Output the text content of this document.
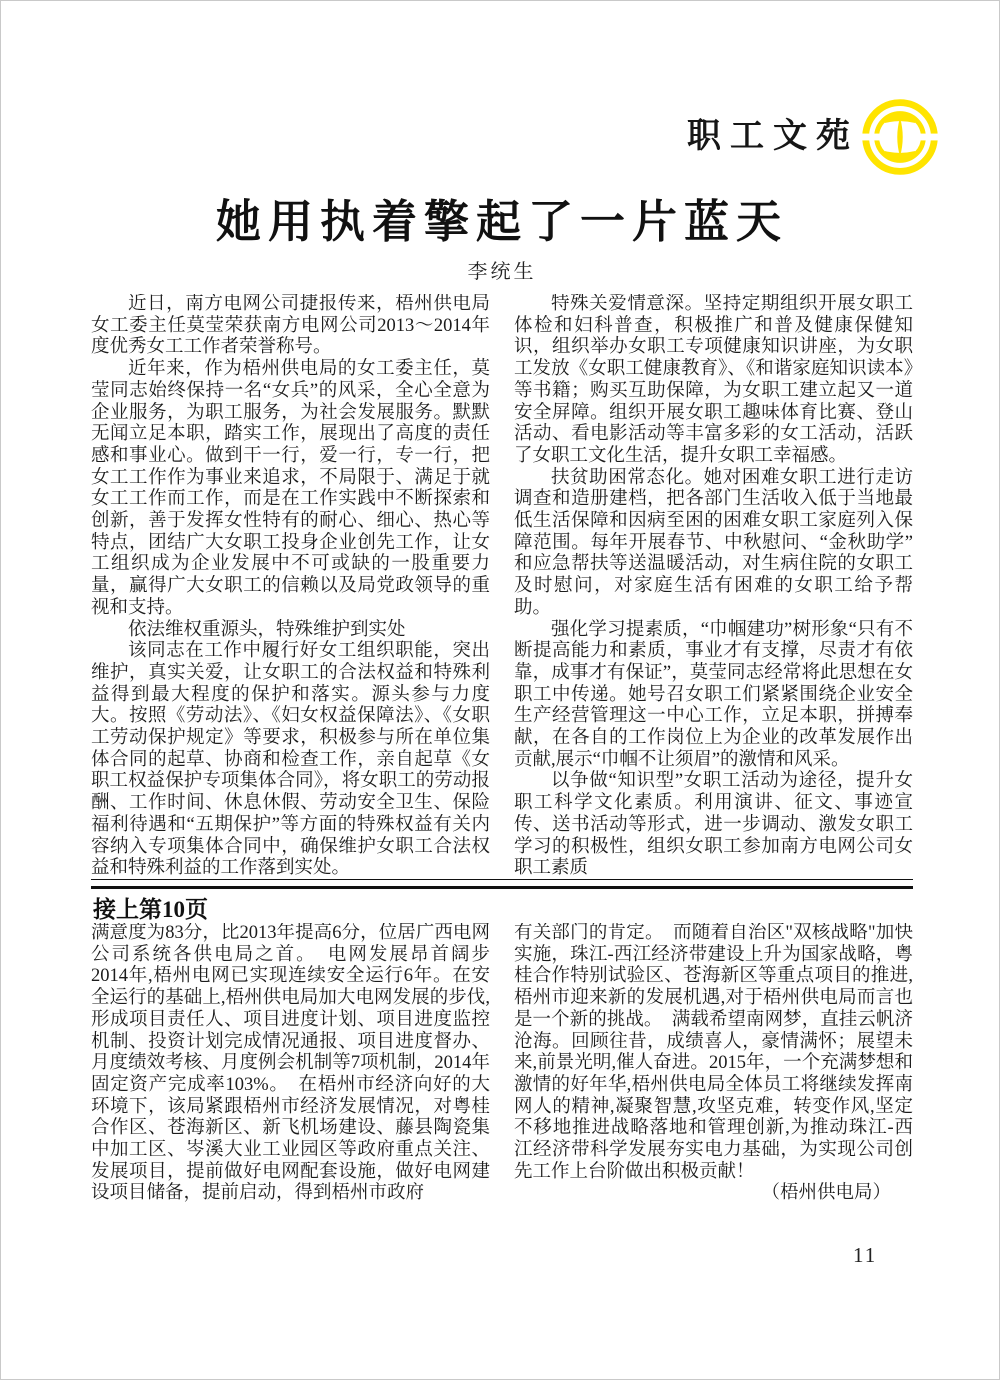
职工文苑
她用执着擎起了一片蓝天
李统生

近日，南方电网公司捷报传来，梧州供电局女工委主任莫莹荣获南方电网公司2013～2014年度优秀女工工作者荣誉称号。

近年来，作为梧州供电局的女工委主任，莫莹同志始终保持一名“女兵”的风采，全心全意为企业服务，为职工服务，为社会发展服务。默默无闻立足本职，踏实工作，展现出了高度的责任感和事业心。做到干一行，爱一行，专一行，把女工工作作为事业来追求，不局限于、满足于就女工工作而工作，而是在工作实践中不断探索和创新，善于发挥女性特有的耐心、细心、热心等特点，团结广大女职工投身企业创先工作，让女工组织成为企业发展中不可或缺的一股重要力量，赢得广大女职工的信赖以及局党政领导的重视和支持。

依法维权重源头，特殊维护到实处

该同志在工作中履行好女工组织职能，突出维护，真实关爱，让女职工的合法权益和特殊利益得到最大程度的保护和落实。源头参与力度大。按照《劳动法》、《妇女权益保障法》、《女职工劳动保护规定》等要求，积极参与所在单位集体合同的起草、协商和检查工作，亲自起草《女职工权益保护专项集体合同》，将女职工的劳动报酬、工作时间、休息休假、劳动安全卫生、保险福利待遇和“五期保护”等方面的特殊权益有关内容纳入专项集体合同中，确保维护女职工合法权益和特殊利益的工作落到实处。

特殊关爱情意深。坚持定期组织开展女职工体检和妇科普查，积极推广和普及健康保健知识，组织举办女职工专项健康知识讲座，为女职工发放《女职工健康教育》、《和谐家庭知识读本》等书籍；购买互助保障，为女职工建立起又一道安全屏障。组织开展女职工趣味体育比赛、登山活动、看电影活动等丰富多彩的女工活动，活跃了女职工文化生活，提升女职工幸福感。

扶贫助困常态化。她对困难女职工进行走访调查和造册建档，把各部门生活收入低于当地最低生活保障和因病至困的困难女职工家庭列入保障范围。每年开展春节、中秋慰问、“金秋助学”和应急帮扶等送温暖活动，对生病住院的女职工及时慰问，对家庭生活有困难的女职工给予帮助。

强化学习提素质，“巾帼建功”树形象“只有不断提高能力和素质，事业才有支撑，尽责才有依靠，成事才有保证”，莫莹同志经常将此思想在女职工中传递。她号召女职工们紧紧围绕企业安全生产经营管理这一中心工作，立足本职，拼搏奉献，在各自的工作岗位上为企业的改革发展作出贡献,展示“巾帼不让须眉”的激情和风采。

以争做“知识型”女职工活动为途径，提升女职工科学文化素质。利用演讲、征文、事迹宣传、送书活动等形式，进一步调动、激发女职工学习的积极性，组织女职工参加南方电网公司女职工素质

接上第10页

满意度为83分，比2013年提高6分，位居广西电网公司系统各供电局之首。　电网发展昂首阔步　2014年,梧州电网已实现连续安全运行6年。在安全运行的基础上,梧州供电局加大电网发展的步伐,形成项目责任人、项目进度计划、项目进度监控机制、投资计划完成情况通报、项目进度督办、月度绩效考核、月度例会机制等7项机制，2014年固定资产完成率103%。　在梧州市经济向好的大环境下，该局紧跟梧州市经济发展情况，对粤桂合作区、苍海新区、新飞机场建设、藤县陶瓷集中加工区、岑溪大业工业园区等政府重点关注、发展项目，提前做好电网配套设施，做好电网建设项目储备，提前启动，得到梧州市政府

有关部门的肯定。　而随着自治区"双核战略"加快实施，珠江-西江经济带建设上升为国家战略，粤桂合作特别试验区、苍海新区等重点项目的推进,梧州市迎来新的发展机遇,对于梧州供电局而言也是一个新的挑战。　满载希望南网梦，直挂云帆济沧海。回顾往昔，成绩喜人，豪情满怀；展望未来,前景光明,催人奋进。2015年，一个充满梦想和激情的好年华,梧州供电局全体员工将继续发挥南网人的精神,凝聚智慧,攻坚克难，转变作风,坚定不移地推进战略落地和管理创新,为推动珠江-西江经济带科学发展夯实电力基础，为实现公司创先工作上台阶做出积极贡献！

（梧州供电局）

11
